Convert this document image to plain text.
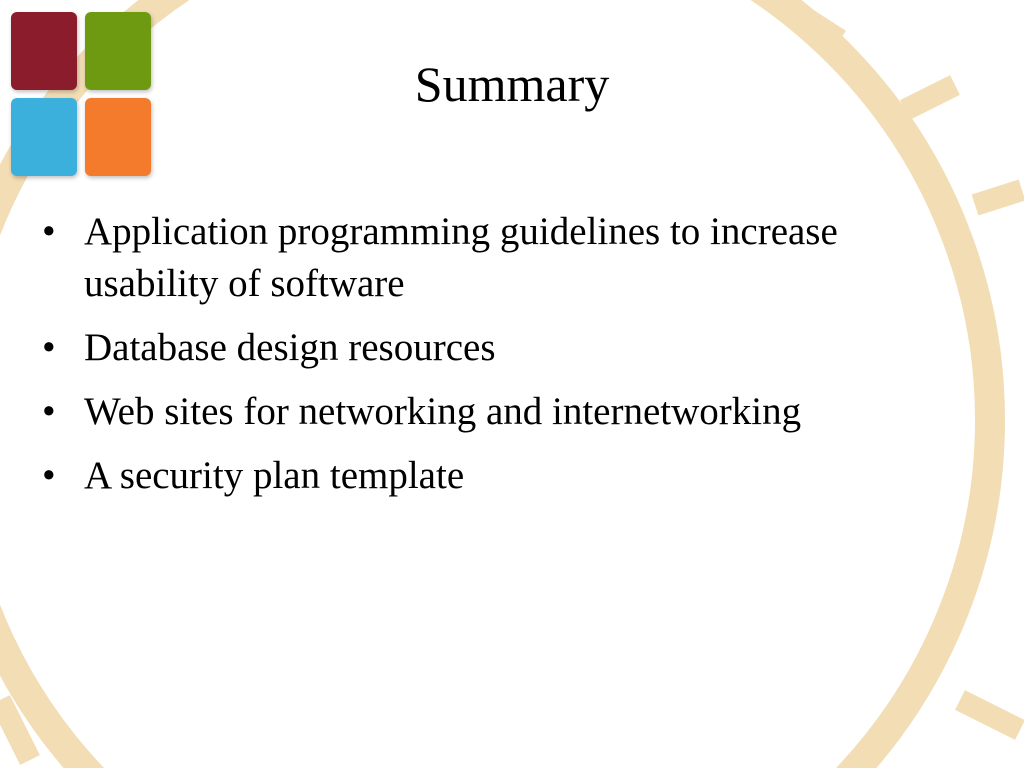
Summary
• Application programming guidelines to increase usability of software
• Database design resources
• Web sites for networking and internetworking
• A security plan template
